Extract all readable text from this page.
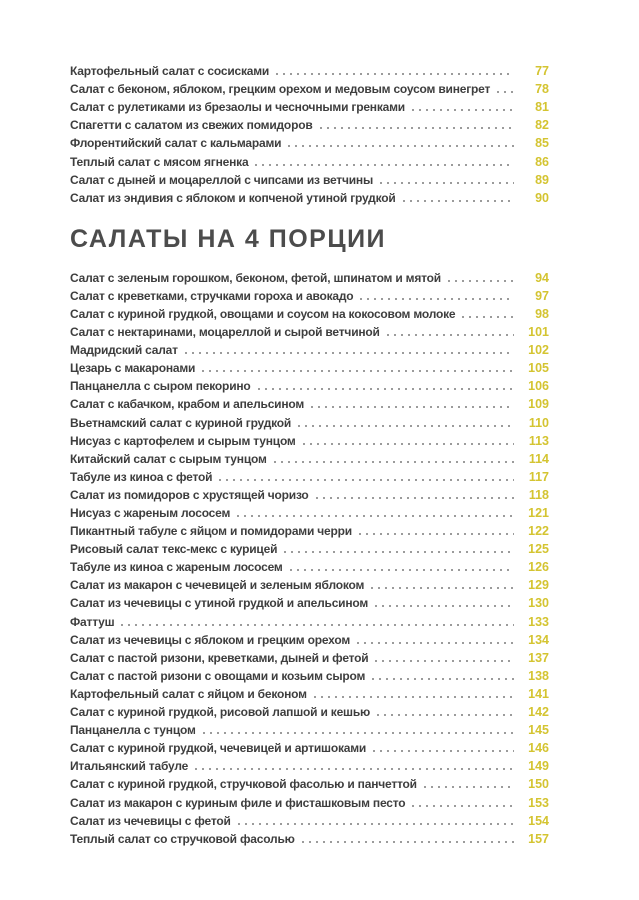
Картофельный салат с сосисками	77
Салат с беконом, яблоком, грецким орехом и медовым соусом винегрет	78
Салат с рулетиками из брезаолы и чесночными гренками	81
Спагетти с салатом из свежих помидоров	82
Флорентийский салат с кальмарами	85
Теплый салат с мясом ягненка	86
Салат с дыней и моцареллой с чипсами из ветчины	89
Салат из эндивия с яблоком и копченой утиной грудкой	90
САЛАТЫ НА 4 ПОРЦИИ
Салат с зеленым горошком, беконом, фетой, шпинатом и мятой	94
Салат с креветками, стручками гороха и авокадо	97
Салат с куриной грудкой, овощами и соусом на кокосовом молоке	98
Салат с нектаринами, моцареллой и сырой ветчиной	101
Мадридский салат	102
Цезарь с макаронами	105
Панцанелла с сыром пекорино	106
Салат с кабачком, крабом и апельсином	109
Вьетнамский салат с куриной грудкой	110
Нисуаз с картофелем и сырым тунцом	113
Китайский салат с сырым тунцом	114
Табуле из киноа с фетой	117
Салат из помидоров с хрустящей чоризо	118
Нисуаз с жареным лососем	121
Пикантный табуле с яйцом и помидорами черри	122
Рисовый салат текс-мекс с курицей	125
Табуле из киноа с жареным лососем	126
Салат из макарон с чечевицей и зеленым яблоком	129
Салат из чечевицы с утиной грудкой и апельсином	130
Фаттуш	133
Салат из чечевицы с яблоком и грецким орехом	134
Салат с пастой ризони, креветками, дыней и фетой	137
Салат с пастой ризони с овощами и козьим сыром	138
Картофельный салат с яйцом и беконом	141
Салат с куриной грудкой, рисовой лапшой и кешью	142
Панцанелла с тунцом	145
Салат с куриной грудкой, чечевицей и артишоками	146
Итальянский табуле	149
Салат с куриной грудкой, стручковой фасолью и панчеттой	150
Салат из макарон с куриным филе и фисташковым песто	153
Салат из чечевицы с фетой	154
Теплый салат со стручковой фасолью	157
